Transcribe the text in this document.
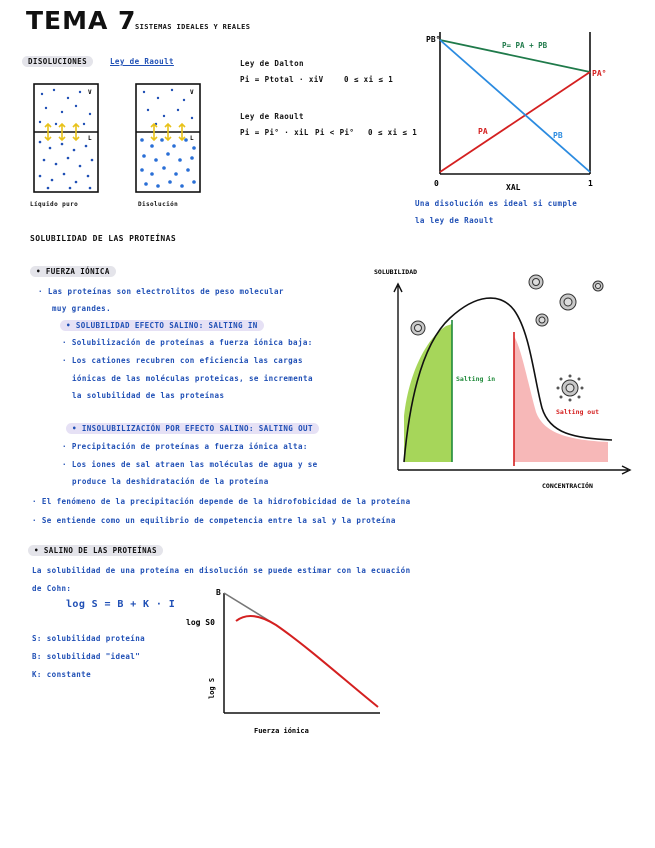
TEMA 7
SISTEMAS IDEALES Y REALES
DISOLUCIONES	Ley de Raoult	Ley de Dalton
Pi = Ptotal · xiV	0 ≤ xi ≤ 1
Ley de Raoult
Pi = Pi° · xiL Pi < Pi° 0 ≤ xi ≤ 1
V
L
V
L
Líquido puro	Disolución
PB°
PA°
P= PA + PB
PA	PB
0	1
XAL
Una disolución es ideal si cumple
la ley de Raoult
SOLUBILIDAD DE LAS PROTEÍNAS
• FUERZA IÓNICA
· Las proteínas son electrolitos de peso molecular
muy grandes.
• SOLUBILIDAD EFECTO SALINO: SALTING IN
· Solubilización de proteínas a fuerza iónica baja:
· Los cationes recubren con eficiencia las cargas
iónicas de las moléculas proteicas, se incrementa
la solubilidad de las proteínas
• INSOLUBILIZACIÓN POR EFECTO SALINO: SALTING OUT
· Precipitación de proteínas a fuerza iónica alta:
· Los iones de sal atraen las moléculas de agua y se
produce la deshidratación de la proteína
· El fenómeno de la precipitación depende de la hidrofobicidad de la proteína
· Se entiende como un equilibrio de competencia entre la sal y la proteína
SOLUBILIDAD
CONCENTRACIÓN
Salting in
Salting out
• SALINO DE LAS PROTEÍNAS
La solubilidad de una proteína en disolución se puede estimar con la ecuación
de Cohn:
log S = B + K · I
S: solubilidad proteína
B: solubilidad "ideal"
K: constante
B
log S0
log S
Fuerza iónica
